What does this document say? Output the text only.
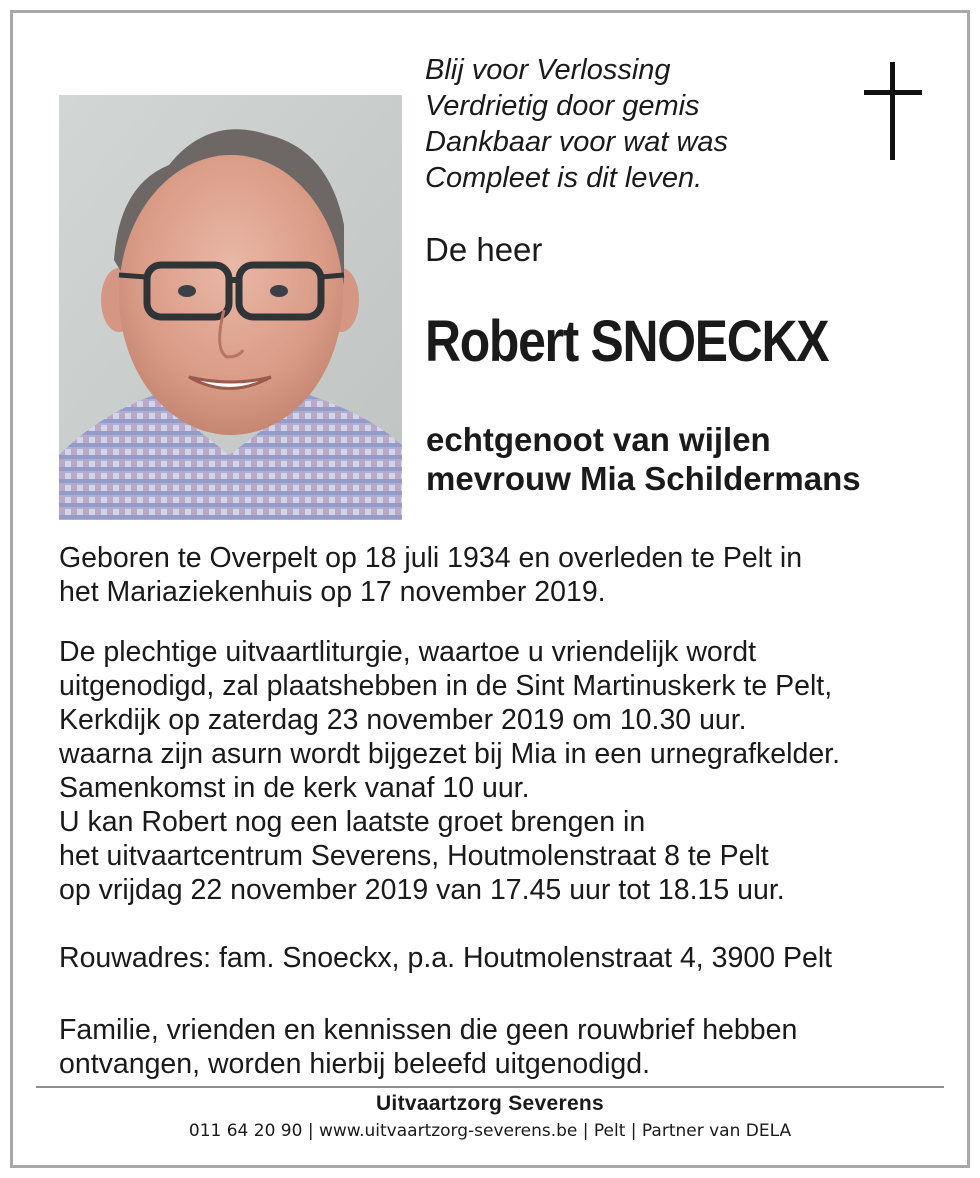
Blij voor Verlossing
Verdrietig door gemis
Dankbaar voor wat was
Compleet is dit leven.
De heer
Robert SNOECKX
echtgenoot van wijlen
mevrouw Mia Schildermans
Geboren te Overpelt op 18 juli 1934 en overleden te Pelt in
het Mariaziekenhuis op 17 november 2019.
De plechtige uitvaartliturgie, waartoe u vriendelijk wordt
uitgenodigd, zal plaatshebben in de Sint Martinuskerk te Pelt,
Kerkdijk op zaterdag 23 november 2019 om 10.30 uur.
waarna zijn asurn wordt bijgezet bij Mia in een urnegrafkelder.
Samenkomst in de kerk vanaf 10 uur.
U kan Robert nog een laatste groet brengen in
het uitvaartcentrum Severens, Houtmolenstraat 8 te Pelt
op vrijdag 22 november 2019 van 17.45 uur tot 18.15 uur.
Rouwadres: fam. Snoeckx, p.a. Houtmolenstraat 4, 3900 Pelt
Familie, vrienden en kennissen die geen rouwbrief hebben
ontvangen, worden hierbij beleefd uitgenodigd.
Uitvaartzorg Severens
011 64 20 90 | www.uitvaartzorg-severens.be | Pelt | Partner van DELA
